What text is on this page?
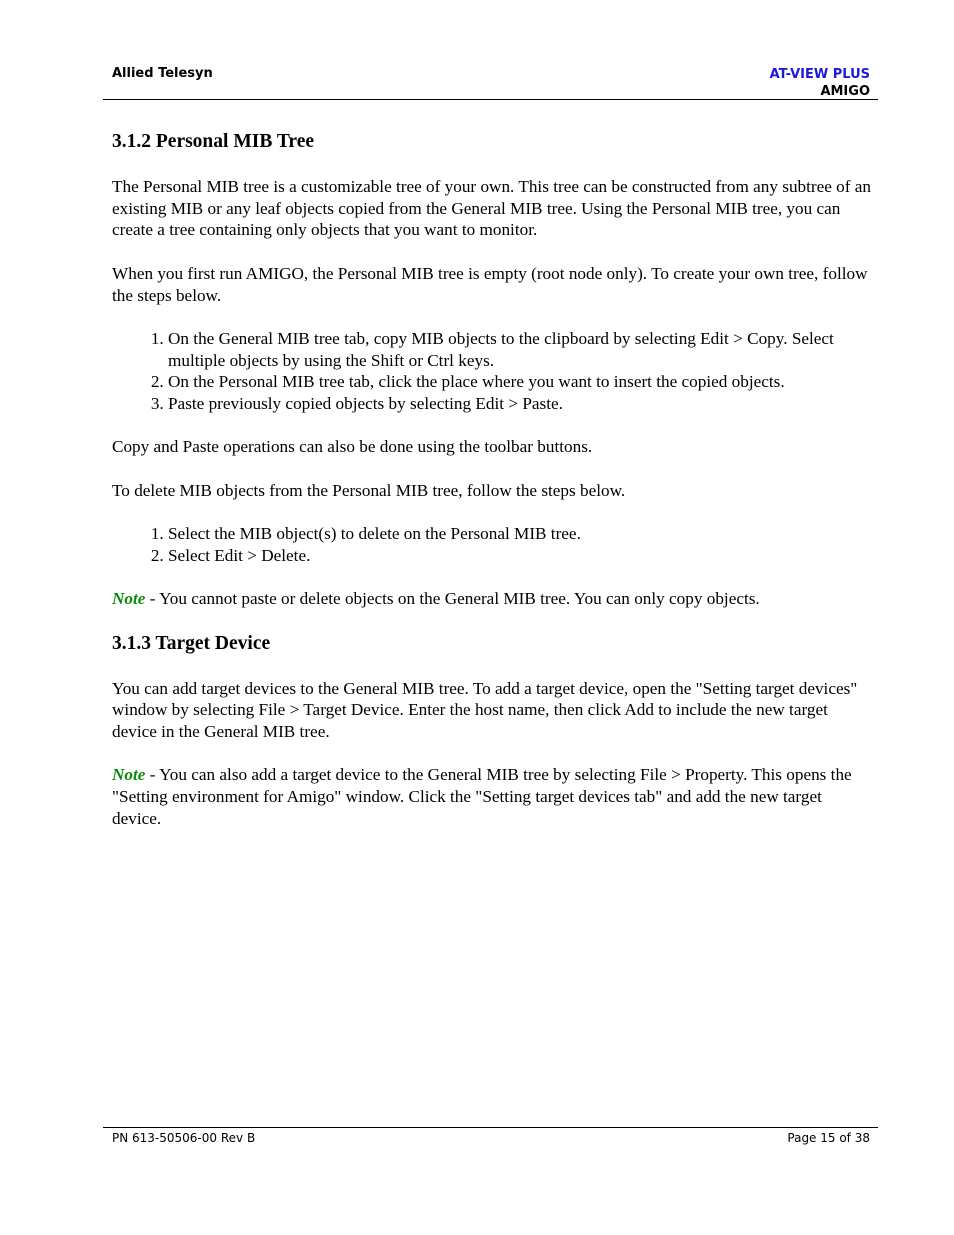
Allied Telesyn	AT-VIEW PLUS
AMIGO
3.1.2 Personal MIB Tree

The Personal MIB tree is a customizable tree of your own. This tree can be constructed from any subtree of an existing MIB or any leaf objects copied from the General MIB tree. Using the Personal MIB tree, you can create a tree containing only objects that you want to monitor.

When you first run AMIGO, the Personal MIB tree is empty (root node only). To create your own tree, follow the steps below.

1. On the General MIB tree tab, copy MIB objects to the clipboard by selecting Edit > Copy. Select multiple objects by using the Shift or Ctrl keys.
2. On the Personal MIB tree tab, click the place where you want to insert the copied objects.
3. Paste previously copied objects by selecting Edit > Paste.

Copy and Paste operations can also be done using the toolbar buttons.

To delete MIB objects from the Personal MIB tree, follow the steps below.

1. Select the MIB object(s) to delete on the Personal MIB tree.
2. Select Edit > Delete.

Note - You cannot paste or delete objects on the General MIB tree. You can only copy objects.

3.1.3 Target Device

You can add target devices to the General MIB tree. To add a target device, open the "Setting target devices" window by selecting File > Target Device. Enter the host name, then click Add to include the new target device in the General MIB tree.

Note - You can also add a target device to the General MIB tree by selecting File > Property. This opens the "Setting environment for Amigo" window. Click the "Setting target devices tab" and add the new target device.

PN 613-50506-00 Rev B	Page 15 of 38
